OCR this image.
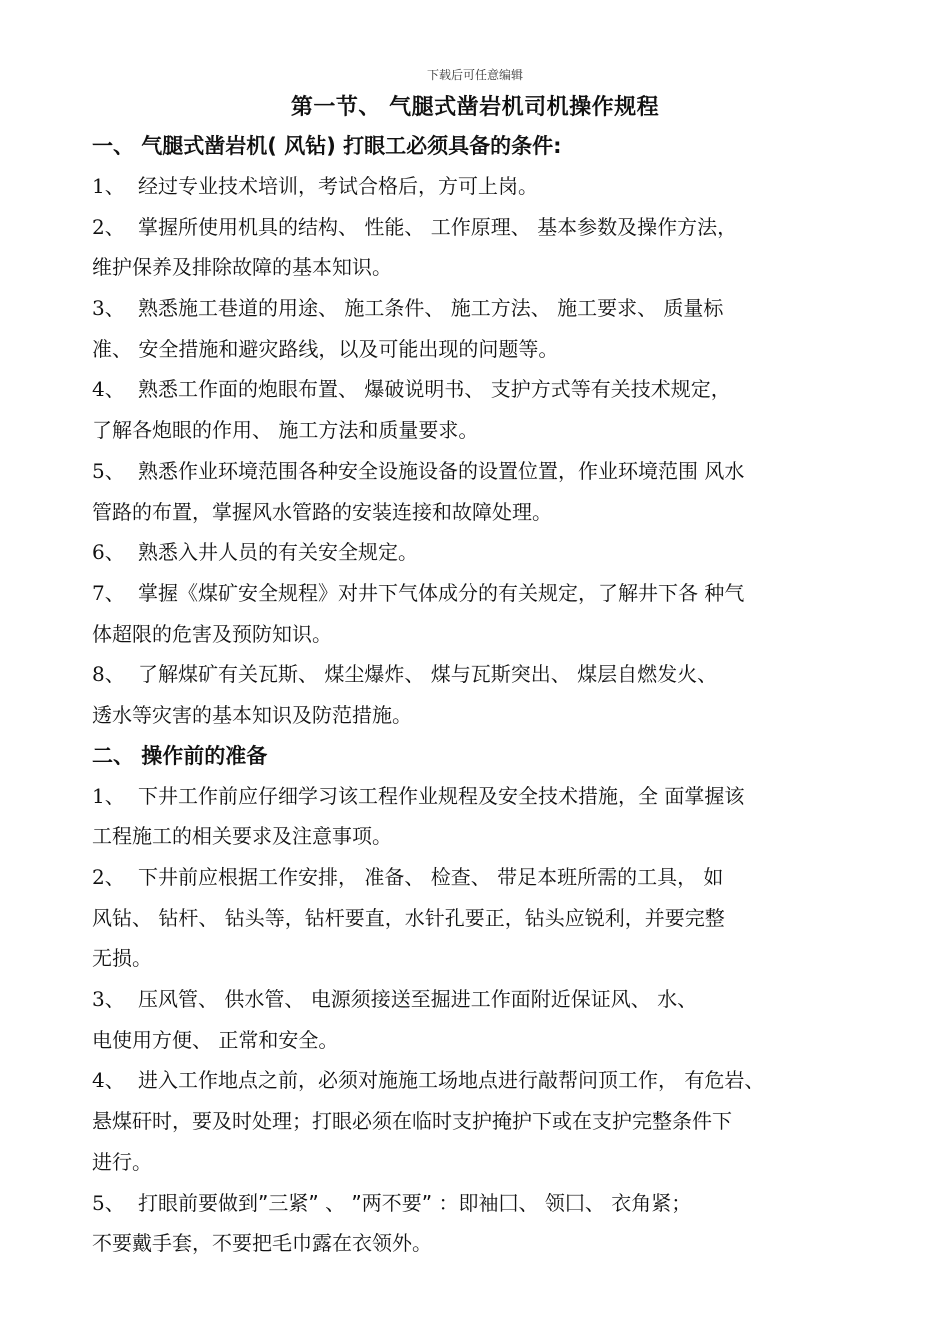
下载后可任意编辑
第一节、 气腿式凿岩机司机操作规程
一、 气腿式凿岩机( 风钻) 打眼工必须具备的条件:
1、 经过专业技术培训，考试合格后，方可上岗。
2、 掌握所使用机具的结构、 性能、 工作原理、 基本参数及操作方法，
维护保养及排除故障的基本知识。
3、 熟悉施工巷道的用途、 施工条件、 施工方法、 施工要求、 质量标
准、 安全措施和避灾路线，以及可能出现的问题等。
4、 熟悉工作面的炮眼布置、 爆破说明书、 支护方式等有关技术规定，
了解各炮眼的作用、 施工方法和质量要求。
5、 熟悉作业环境范围各种安全设施设备的设置位置，作业环境范围 风水
管路的布置，掌握风水管路的安装连接和故障处理。
6、 熟悉入井人员的有关安全规定。
7、 掌握《煤矿安全规程》对井下气体成分的有关规定，了解井下各 种气
体超限的危害及预防知识。
8、 了解煤矿有关瓦斯、 煤尘爆炸、 煤与瓦斯突出、 煤层自燃发火、
透水等灾害的基本知识及防范措施。
二、 操作前的准备
1、 下井工作前应仔细学习该工程作业规程及安全技术措施，全 面掌握该
工程施工的相关要求及注意事项。
2、 下井前应根据工作安排， 准备、 检查、 带足本班所需的工具， 如
风钻、 钻杆、 钻头等，钻杆要直，水针孔要正，钻头应锐利，并要完整
无损。
3、 压风管、 供水管、 电源须接送至掘进工作面附近保证风、 水、
电使用方便、 正常和安全。
4、 进入工作地点之前，必须对施施工场地点进行敲帮问顶工作， 有危岩、
悬煤矸时，要及时处理；打眼必须在临时支护掩护下或在支护完整条件下
进行。
5、 打眼前要做到”三紧” 、 ”两不要” ：即袖囗、 领囗、 衣角紧；
不要戴手套，不要把毛巾露在衣领外。
